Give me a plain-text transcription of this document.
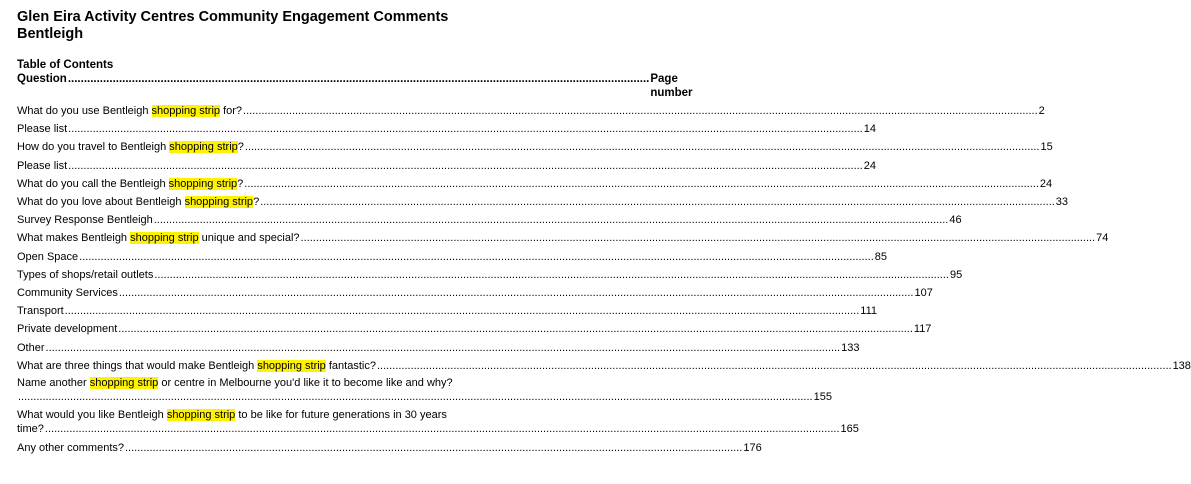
Glen Eira Activity Centres Community Engagement Comments Bentleigh
Table of Contents
Question ...................................................................................................................................................................................... Page number
What do you use Bentleigh shopping strip for? .................................................................................................................................................................................................................................................................... 2
Please list .................................................................................................................................................................................................................................................................... 14
How do you travel to Bentleigh shopping strip? .................................................................................................................................................................................................................................................................... 15
Please list .................................................................................................................................................................................................................................................................... 24
What do you call the Bentleigh shopping strip? .................................................................................................................................................................................................................................................................... 24
What do you love about Bentleigh shopping strip? .................................................................................................................................................................................................................................................................... 33
Survey Response Bentleigh .................................................................................................................................................................................................................................................................... 46
What makes Bentleigh shopping strip unique and special? .................................................................................................................................................................................................................................................................... 74
Open Space .................................................................................................................................................................................................................................................................... 85
Types of shops/retail outlets .................................................................................................................................................................................................................................................................... 95
Community Services .................................................................................................................................................................................................................................................................... 107
Transport .................................................................................................................................................................................................................................................................... 111
Private development .................................................................................................................................................................................................................................................................... 117
Other .................................................................................................................................................................................................................................................................... 133
What are three things that would make Bentleigh shopping strip fantastic? .................................................................................................................................................................................................................................................................... 138
Name another shopping strip or centre in Melbourne you'd like it to become like and why?
.................................................................................................................................................................................................................................................................... 155
What would you like Bentleigh shopping strip to be like for future generations in 30 years
time? .................................................................................................................................................................................................................................................................... 165
Any other comments? .......................................................................................................................................................................................................... 176
